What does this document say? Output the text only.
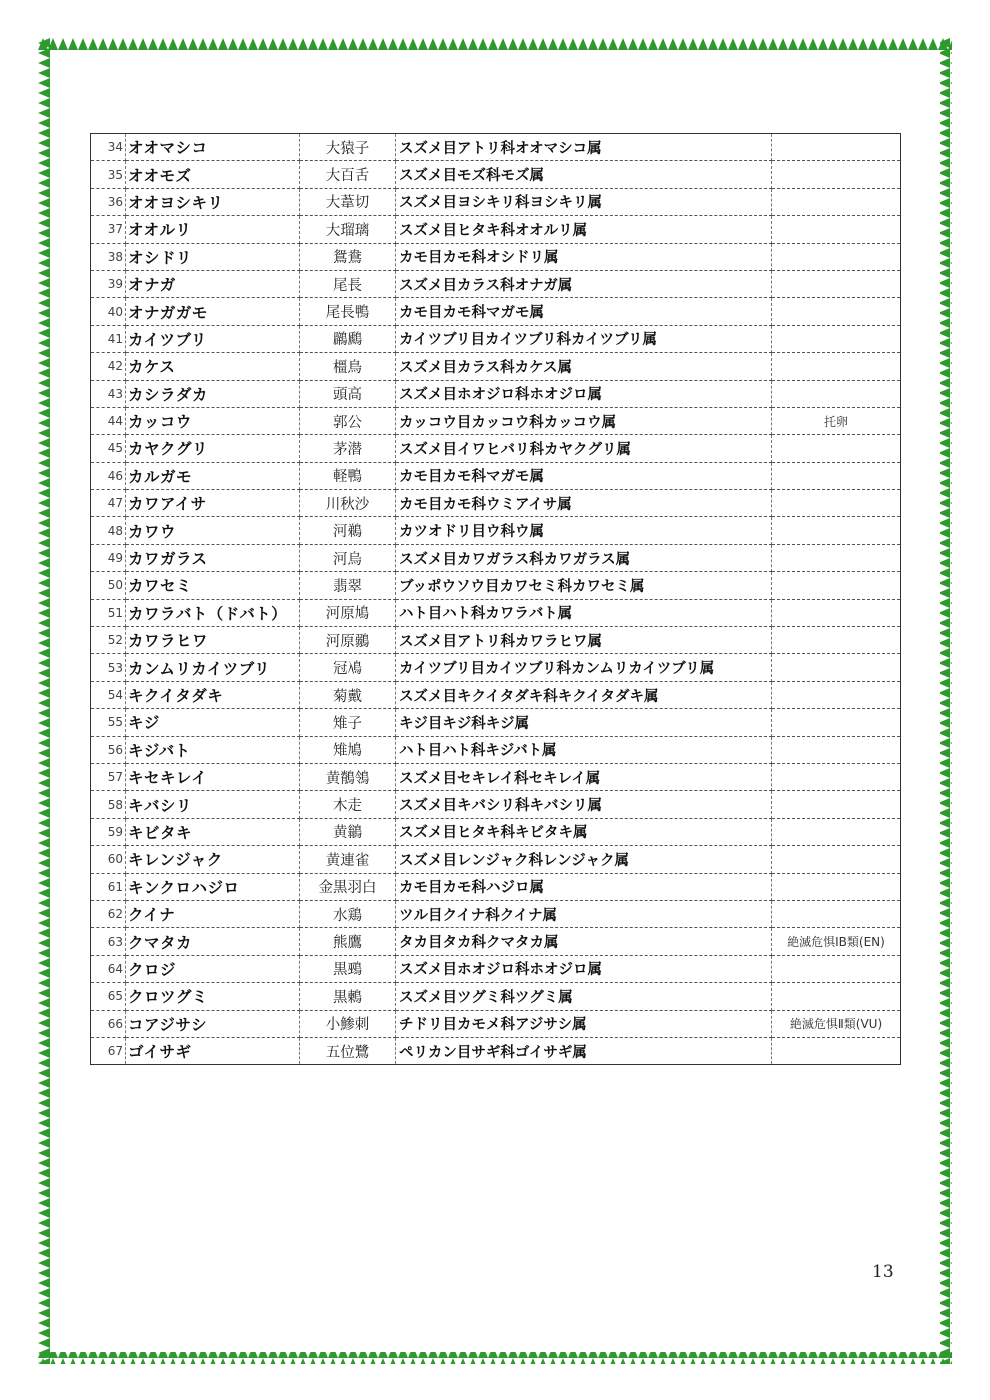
34	オオマシコ	大猿子	スズメ目アトリ科オオマシコ属	
35	オオモズ	大百舌	スズメ目モズ科モズ属	
36	オオヨシキリ	大葦切	スズメ目ヨシキリ科ヨシキリ属	
37	オオルリ	大瑠璃	スズメ目ヒタキ科オオルリ属	
38	オシドリ	鴛鴦	カモ目カモ科オシドリ属	
39	オナガ	尾長	スズメ目カラス科オナガ属	
40	オナガガモ	尾長鴨	カモ目カモ科マガモ属	
41	カイツブリ	鸊鷉	カイツブリ目カイツブリ科カイツブリ属	
42	カケス	橿鳥	スズメ目カラス科カケス属	
43	カシラダカ	頭高	スズメ目ホオジロ科ホオジロ属	
44	カッコウ	郭公	カッコウ目カッコウ科カッコウ属	托卵
45	カヤクグリ	茅潜	スズメ目イワヒバリ科カヤクグリ属	
46	カルガモ	軽鴨	カモ目カモ科マガモ属	
47	カワアイサ	川秋沙	カモ目カモ科ウミアイサ属	
48	カワウ	河鵜	カツオドリ目ウ科ウ属	
49	カワガラス	河烏	スズメ目カワガラス科カワガラス属	
50	カワセミ	翡翠	ブッポウソウ目カワセミ科カワセミ属	
51	カワラバト（ドバト）	河原鳩	ハト目ハト科カワラバト属	
52	カワラヒワ	河原鶸	スズメ目アトリ科カワラヒワ属	
53	カンムリカイツブリ	冠鳰	カイツブリ目カイツブリ科カンムリカイツブリ属	
54	キクイタダキ	菊戴	スズメ目キクイタダキ科キクイタダキ属	
55	キジ	雉子	キジ目キジ科キジ属	
56	キジバト	雉鳩	ハト目ハト科キジバト属	
57	キセキレイ	黄鶺鴒	スズメ目セキレイ科セキレイ属	
58	キバシリ	木走	スズメ目キバシリ科キバシリ属	
59	キビタキ	黄鶲	スズメ目ヒタキ科キビタキ属	
60	キレンジャク	黄連雀	スズメ目レンジャク科レンジャク属	
61	キンクロハジロ	金黒羽白	カモ目カモ科ハジロ属	
62	クイナ	水鶏	ツル目クイナ科クイナ属	
63	クマタカ	熊鷹	タカ目タカ科クマタカ属	絶滅危惧ⅠB類(EN)
64	クロジ	黒鵐	スズメ目ホオジロ科ホオジロ属	
65	クロツグミ	黒鶫	スズメ目ツグミ科ツグミ属	
66	コアジサシ	小鯵刺	チドリ目カモメ科アジサシ属	絶滅危惧Ⅱ類(VU)
67	ゴイサギ	五位鷺	ペリカン目サギ科ゴイサギ属	
13
